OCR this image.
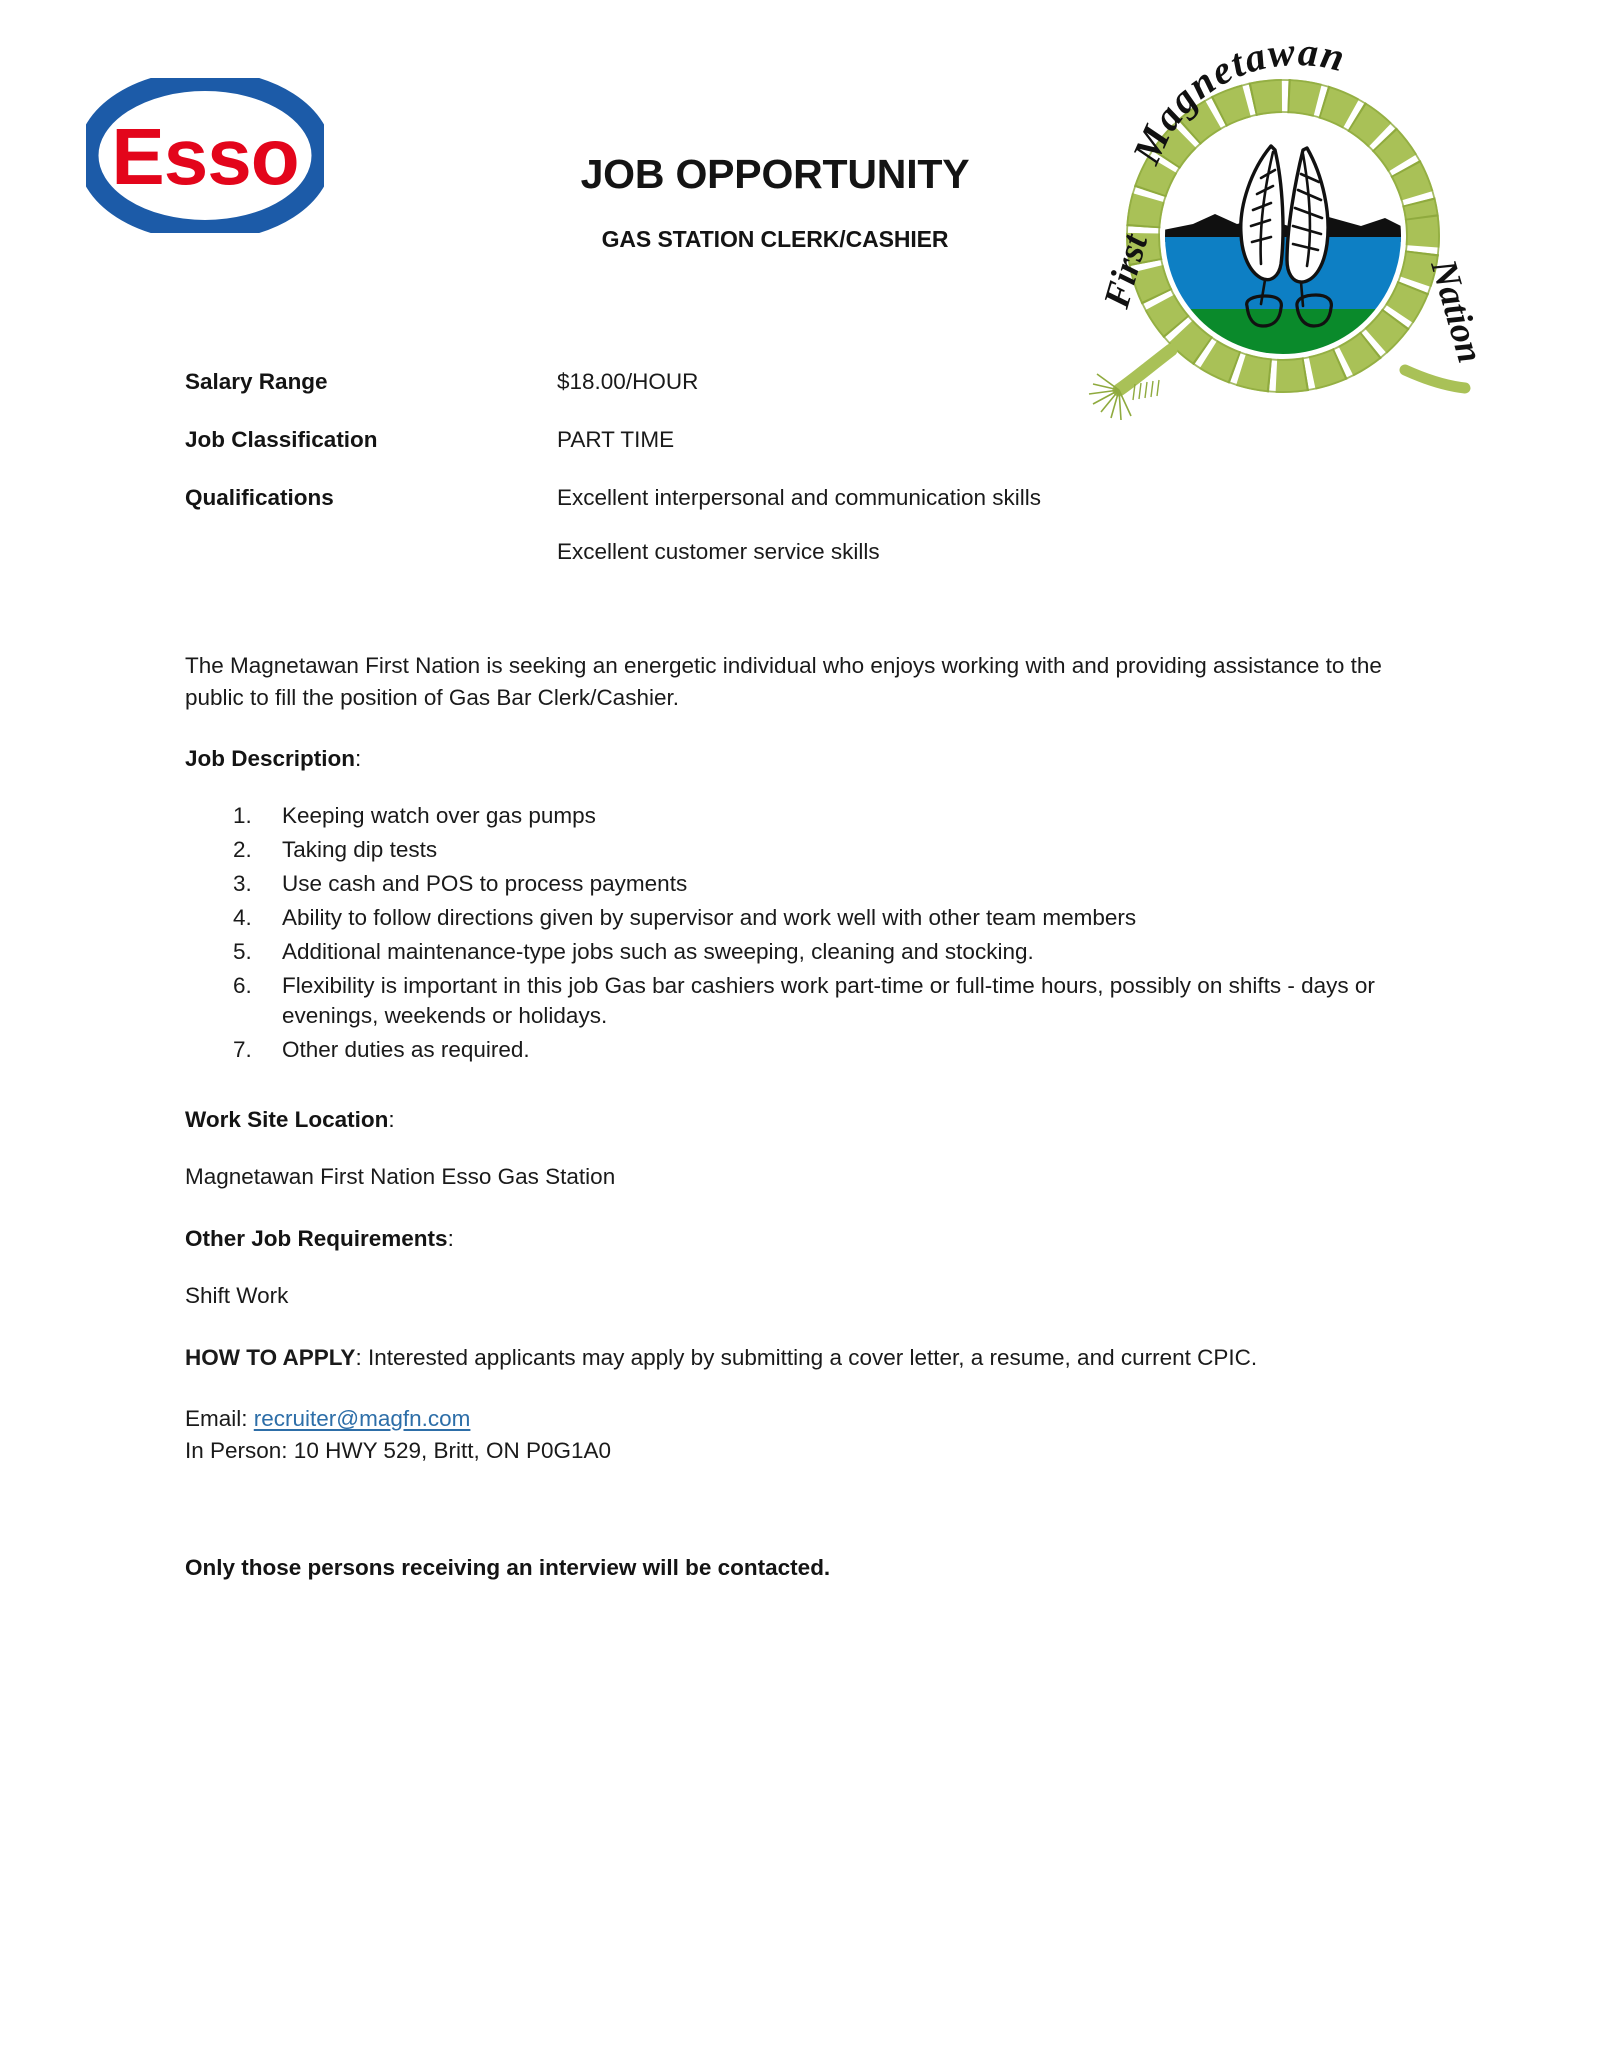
Esso	JOB OPPORTUNITY
GAS STATION CLERK/CASHIER
Magnetawan
First	Nation
Salary Range	$18.00/HOUR
Job Classification	PART TIME
Qualifications	Excellent interpersonal and communication skills
Excellent customer service skills

The Magnetawan First Nation is seeking an energetic individual who enjoys working with and providing assistance to the public to fill the position of Gas Bar Clerk/Cashier.

Job Description:
1.	Keeping watch over gas pumps
2.	Taking dip tests
3.	Use cash and POS to process payments
4.	Ability to follow directions given by supervisor and work well with other team members
5.	Additional maintenance-type jobs such as sweeping, cleaning and stocking.
6.	Flexibility is important in this job Gas bar cashiers work part-time or full-time hours, possibly on shifts - days or evenings, weekends or holidays.
7.	Other duties as required.
Work Site Location:

Magnetawan First Nation Esso Gas Station

Other Job Requirements:

Shift Work

HOW TO APPLY: Interested applicants may apply by submitting a cover letter, a resume, and current CPIC.

Email: recruiter@magfn.com
In Person: 10 HWY 529, Britt, ON P0G1A0

Only those persons receiving an interview will be contacted.
